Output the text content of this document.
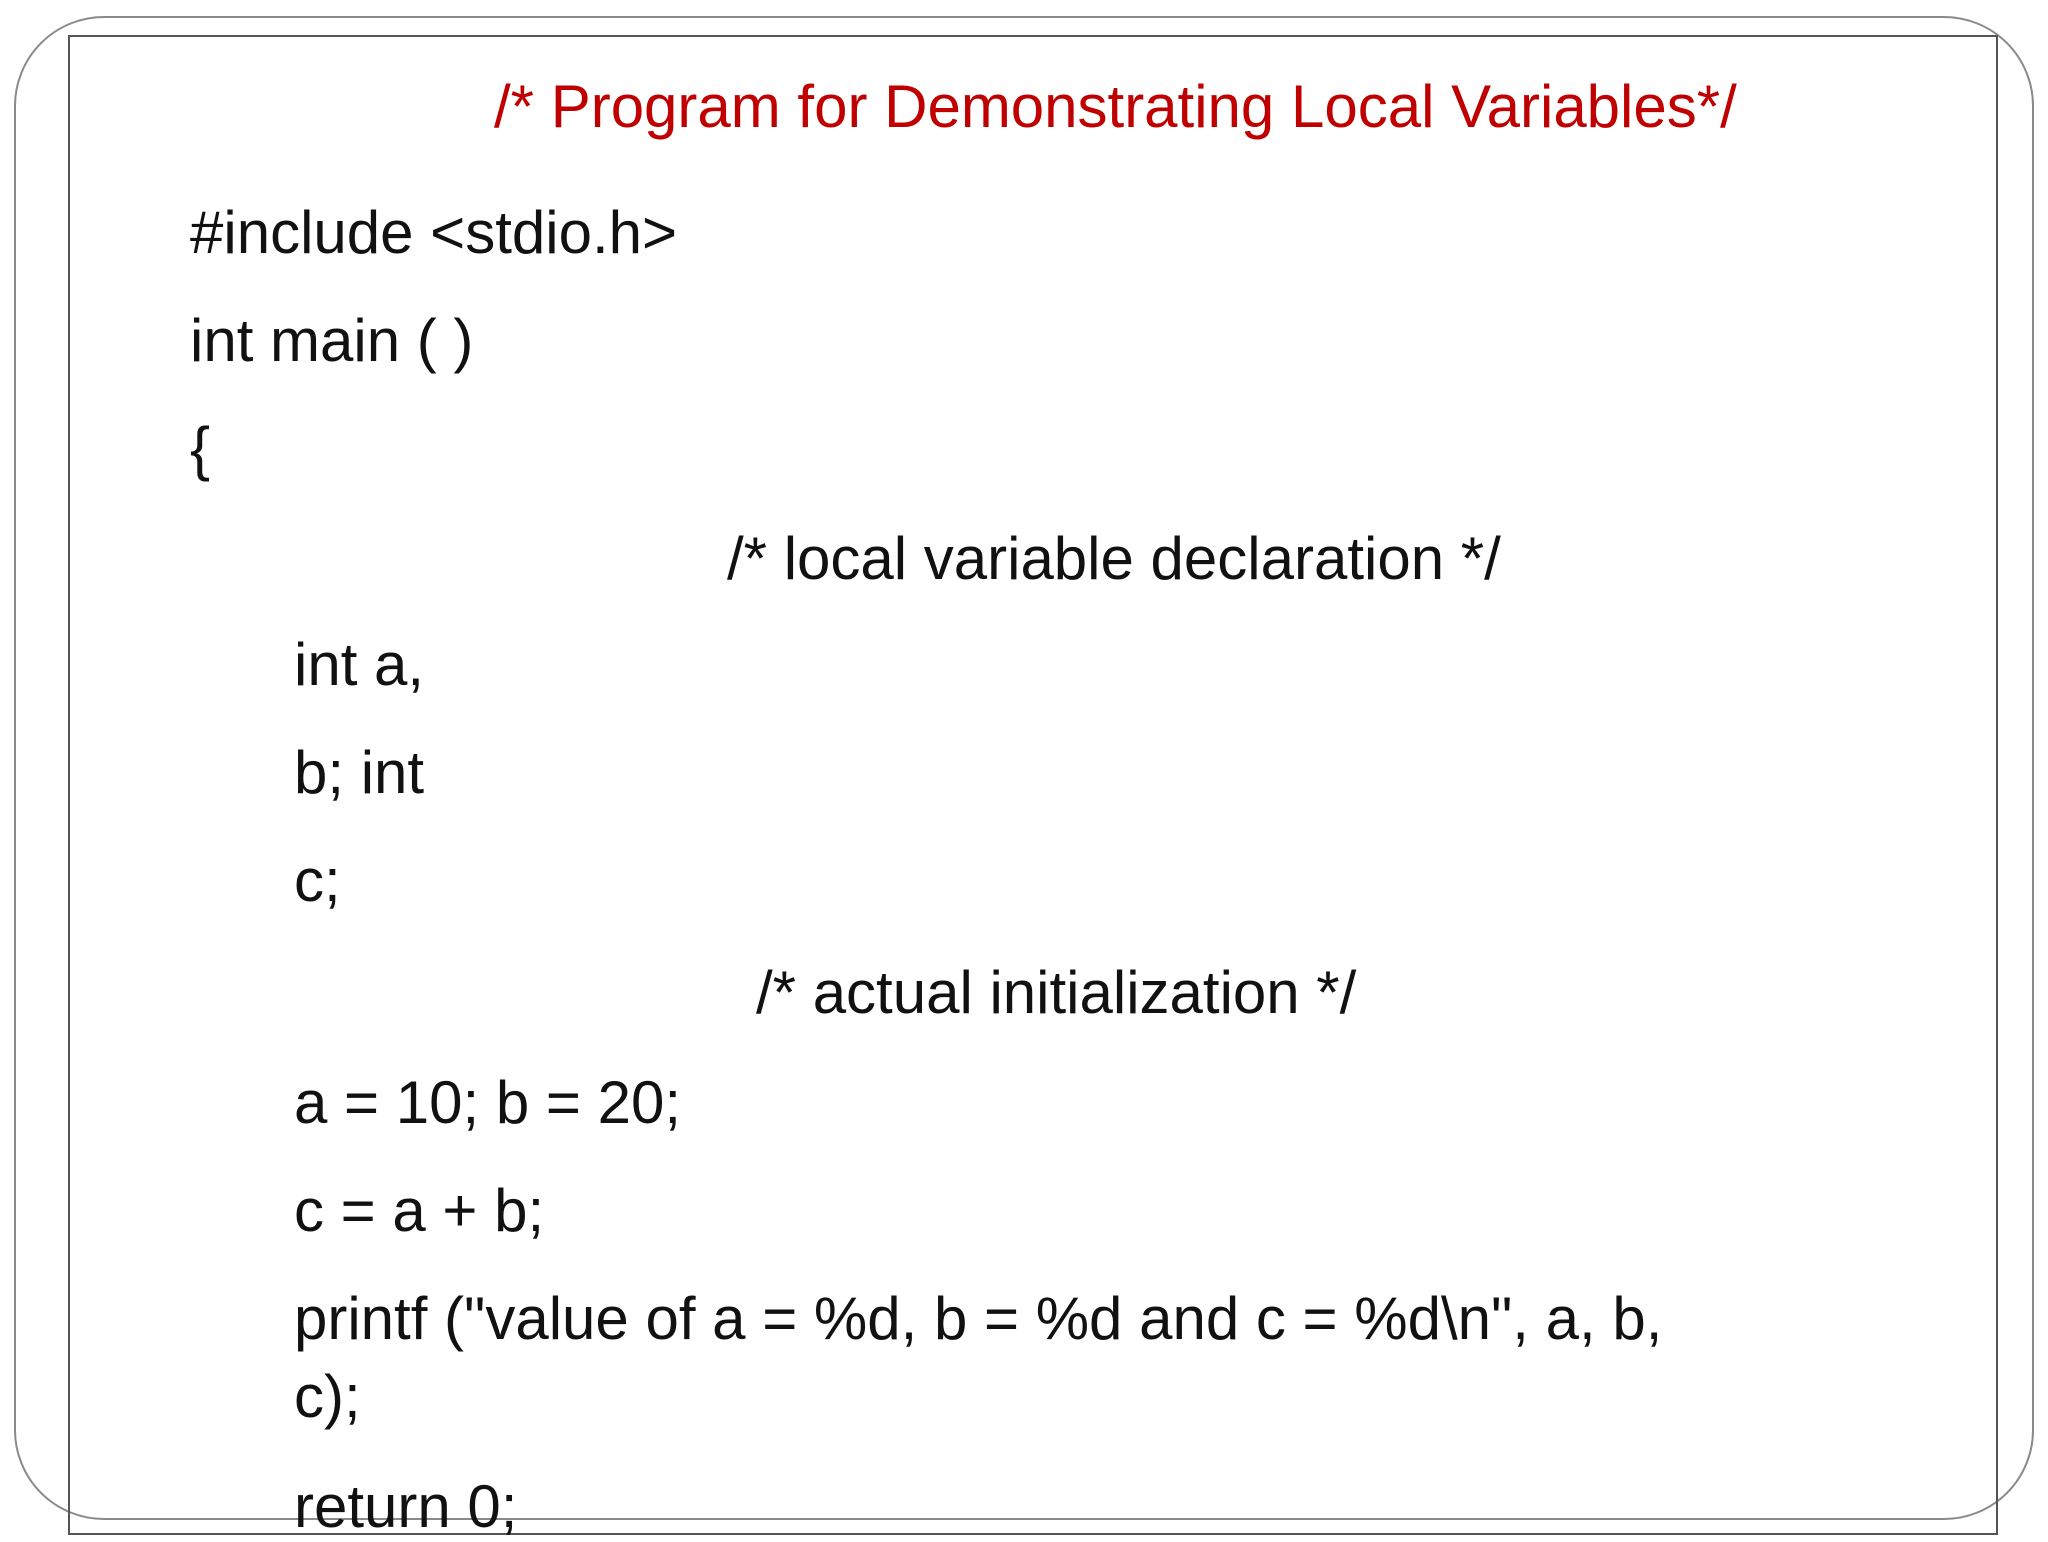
/* Program for Demonstrating Local Variables*/
#include <stdio.h>
int main ( )
{
/* local variable declaration */
int a,
b; int
c;
/* actual initialization */
a = 10; b = 20;
c = a + b;
printf ("value of a = %d, b = %d and c = %d\n", a, b,
c);
return 0;
